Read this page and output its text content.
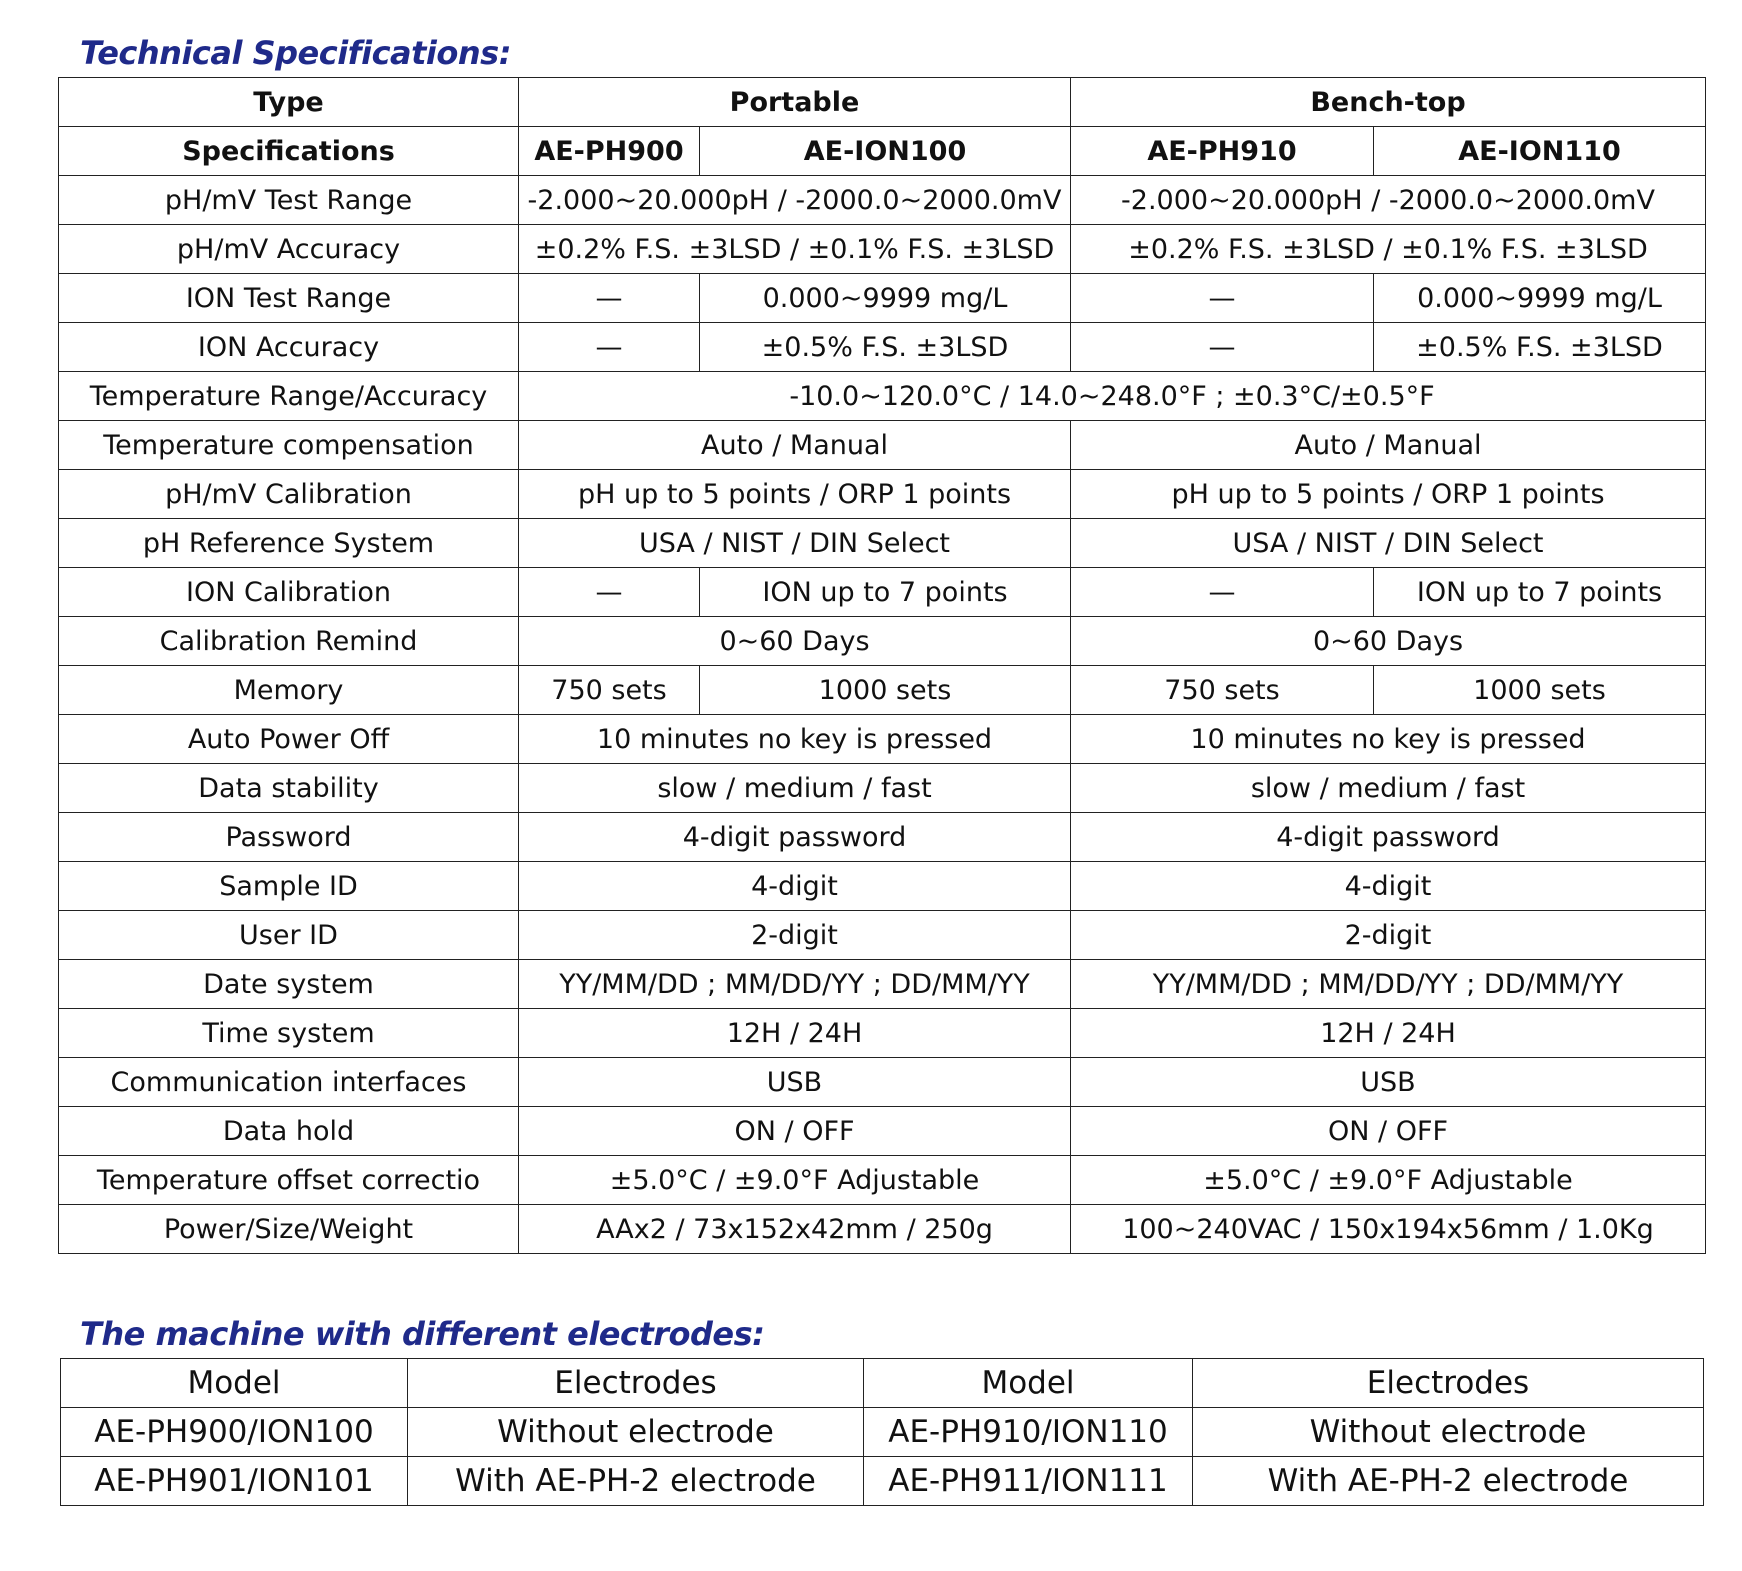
Technical Specifications:
Type	Portable		Bench-top	
Specifications	AE-PH900	AE-ION100	AE-PH910	AE-ION110
pH/mV Test Range	-2.000~20.000pH / -2000.0~2000.0mV		-2.000~20.000pH / -2000.0~2000.0mV	
pH/mV Accuracy	±0.2% F.S. ±3LSD / ±0.1% F.S. ±3LSD		±0.2% F.S. ±3LSD / ±0.1% F.S. ±3LSD	
ION Test Range	—	0.000~9999 mg/L	—	0.000~9999 mg/L
ION Accuracy	—	±0.5% F.S. ±3LSD	—	±0.5% F.S. ±3LSD
Temperature Range/Accuracy	-10.0~120.0°C / 14.0~248.0°F ; ±0.3°C/±0.5°F			
Temperature compensation	Auto / Manual		Auto / Manual	
pH/mV Calibration	pH up to 5 points / ORP 1 points		pH up to 5 points / ORP 1 points	
pH Reference System	USA / NIST / DIN Select		USA / NIST / DIN Select	
ION Calibration	—	ION up to 7 points	—	ION up to 7 points
Calibration Remind	0~60 Days		0~60 Days	
Memory	750 sets	1000 sets	750 sets	1000 sets
Auto Power Off	10 minutes no key is pressed		10 minutes no key is pressed	
Data stability	slow / medium / fast		slow / medium / fast	
Password	4-digit password		4-digit password	
Sample ID	4-digit		4-digit	
User ID	2-digit		2-digit	
Date system	YY/MM/DD ; MM/DD/YY ; DD/MM/YY		YY/MM/DD ; MM/DD/YY ; DD/MM/YY	
Time system	12H / 24H		12H / 24H	
Communication interfaces	USB		USB	
Data hold	ON / OFF		ON / OFF	
Temperature offset correctio	±5.0°C / ±9.0°F Adjustable		±5.0°C / ±9.0°F Adjustable	
Power/Size/Weight	AAx2 / 73x152x42mm / 250g		100~240VAC / 150x194x56mm / 1.0Kg	
The machine with different electrodes:
Model	Electrodes	Model	Electrodes
AE-PH900/ION100	Without electrode	AE-PH910/ION110	Without electrode
AE-PH901/ION101	With AE-PH-2 electrode	AE-PH911/ION111	With AE-PH-2 electrode
